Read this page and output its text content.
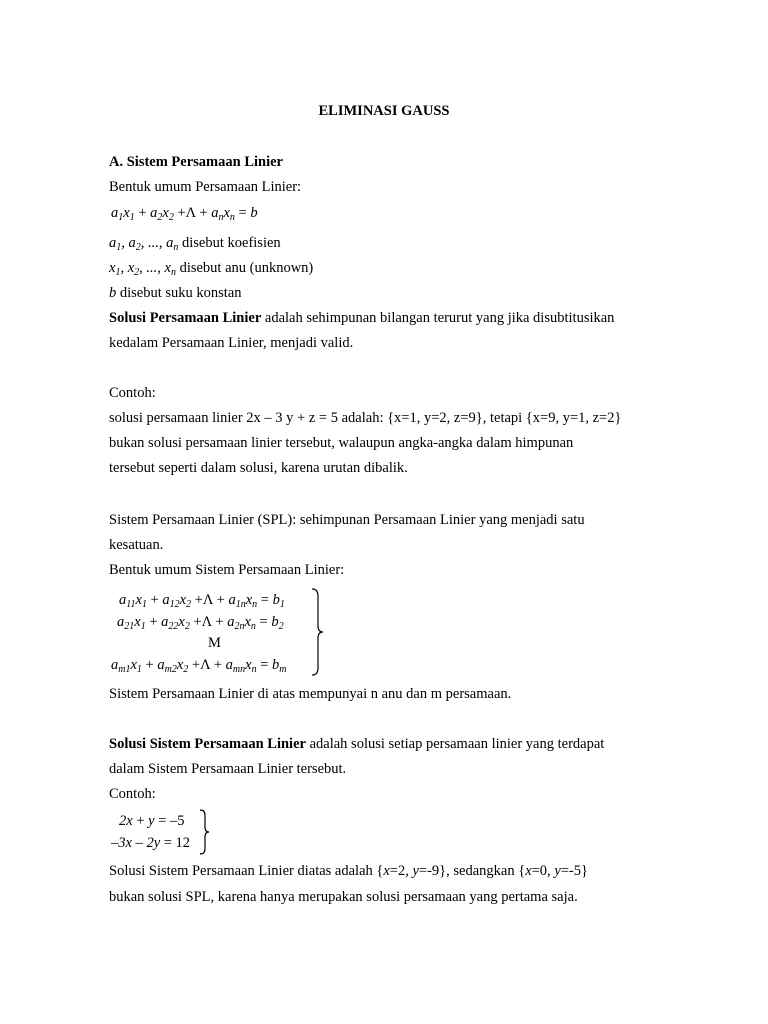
ELIMINASI GAUSS
A. Sistem Persamaan Linier
Bentuk umum Persamaan Linier:
$a_1x_1 + a_2x_2 +\Lambda + a_nx_n = b$
$a_1$, $a_2$, ..., $a_n$ disebut koefisien
$x_1$, $x_2$, ..., $x_n$ disebut anu (unknown)
b disebut suku konstan
Solusi Persamaan Linier adalah sehimpunan bilangan terurut yang jika disubtitusikan
kedalam Persamaan Linier, menjadi valid.
Contoh:
solusi persamaan linier 2x – 3 y + z = 5 adalah: {x=1, y=2, z=9}, tetapi {x=9, y=1, z=2}
bukan solusi persamaan linier tersebut, walaupun angka-angka dalam himpunan
tersebut seperti dalam solusi, karena urutan dibalik.
Sistem Persamaan Linier (SPL): sehimpunan Persamaan Linier yang menjadi satu
kesatuan.
Bentuk umum Sistem Persamaan Linier:
$a_{11}x_1 + a_{12}x_2 +\Lambda + a_{1n}x_n = b_1$
$a_{21}x_1 + a_{22}x_2 +\Lambda + a_{2n}x_n = b_2$
M
$a_{m1}x_1 + a_{m2}x_2 +\Lambda + a_{mn}x_n = b_m$
Sistem Persamaan Linier di atas mempunyai n anu dan m persamaan.
Solusi Sistem Persamaan Linier adalah solusi setiap persamaan linier yang terdapat
dalam Sistem Persamaan Linier tersebut.
Contoh:
2x + y = –5
–3x – 2y = 12
Solusi Sistem Persamaan Linier diatas adalah {x=2, y=-9}, sedangkan {x=0, y=-5}
bukan solusi SPL, karena hanya merupakan solusi persamaan yang pertama saja.
